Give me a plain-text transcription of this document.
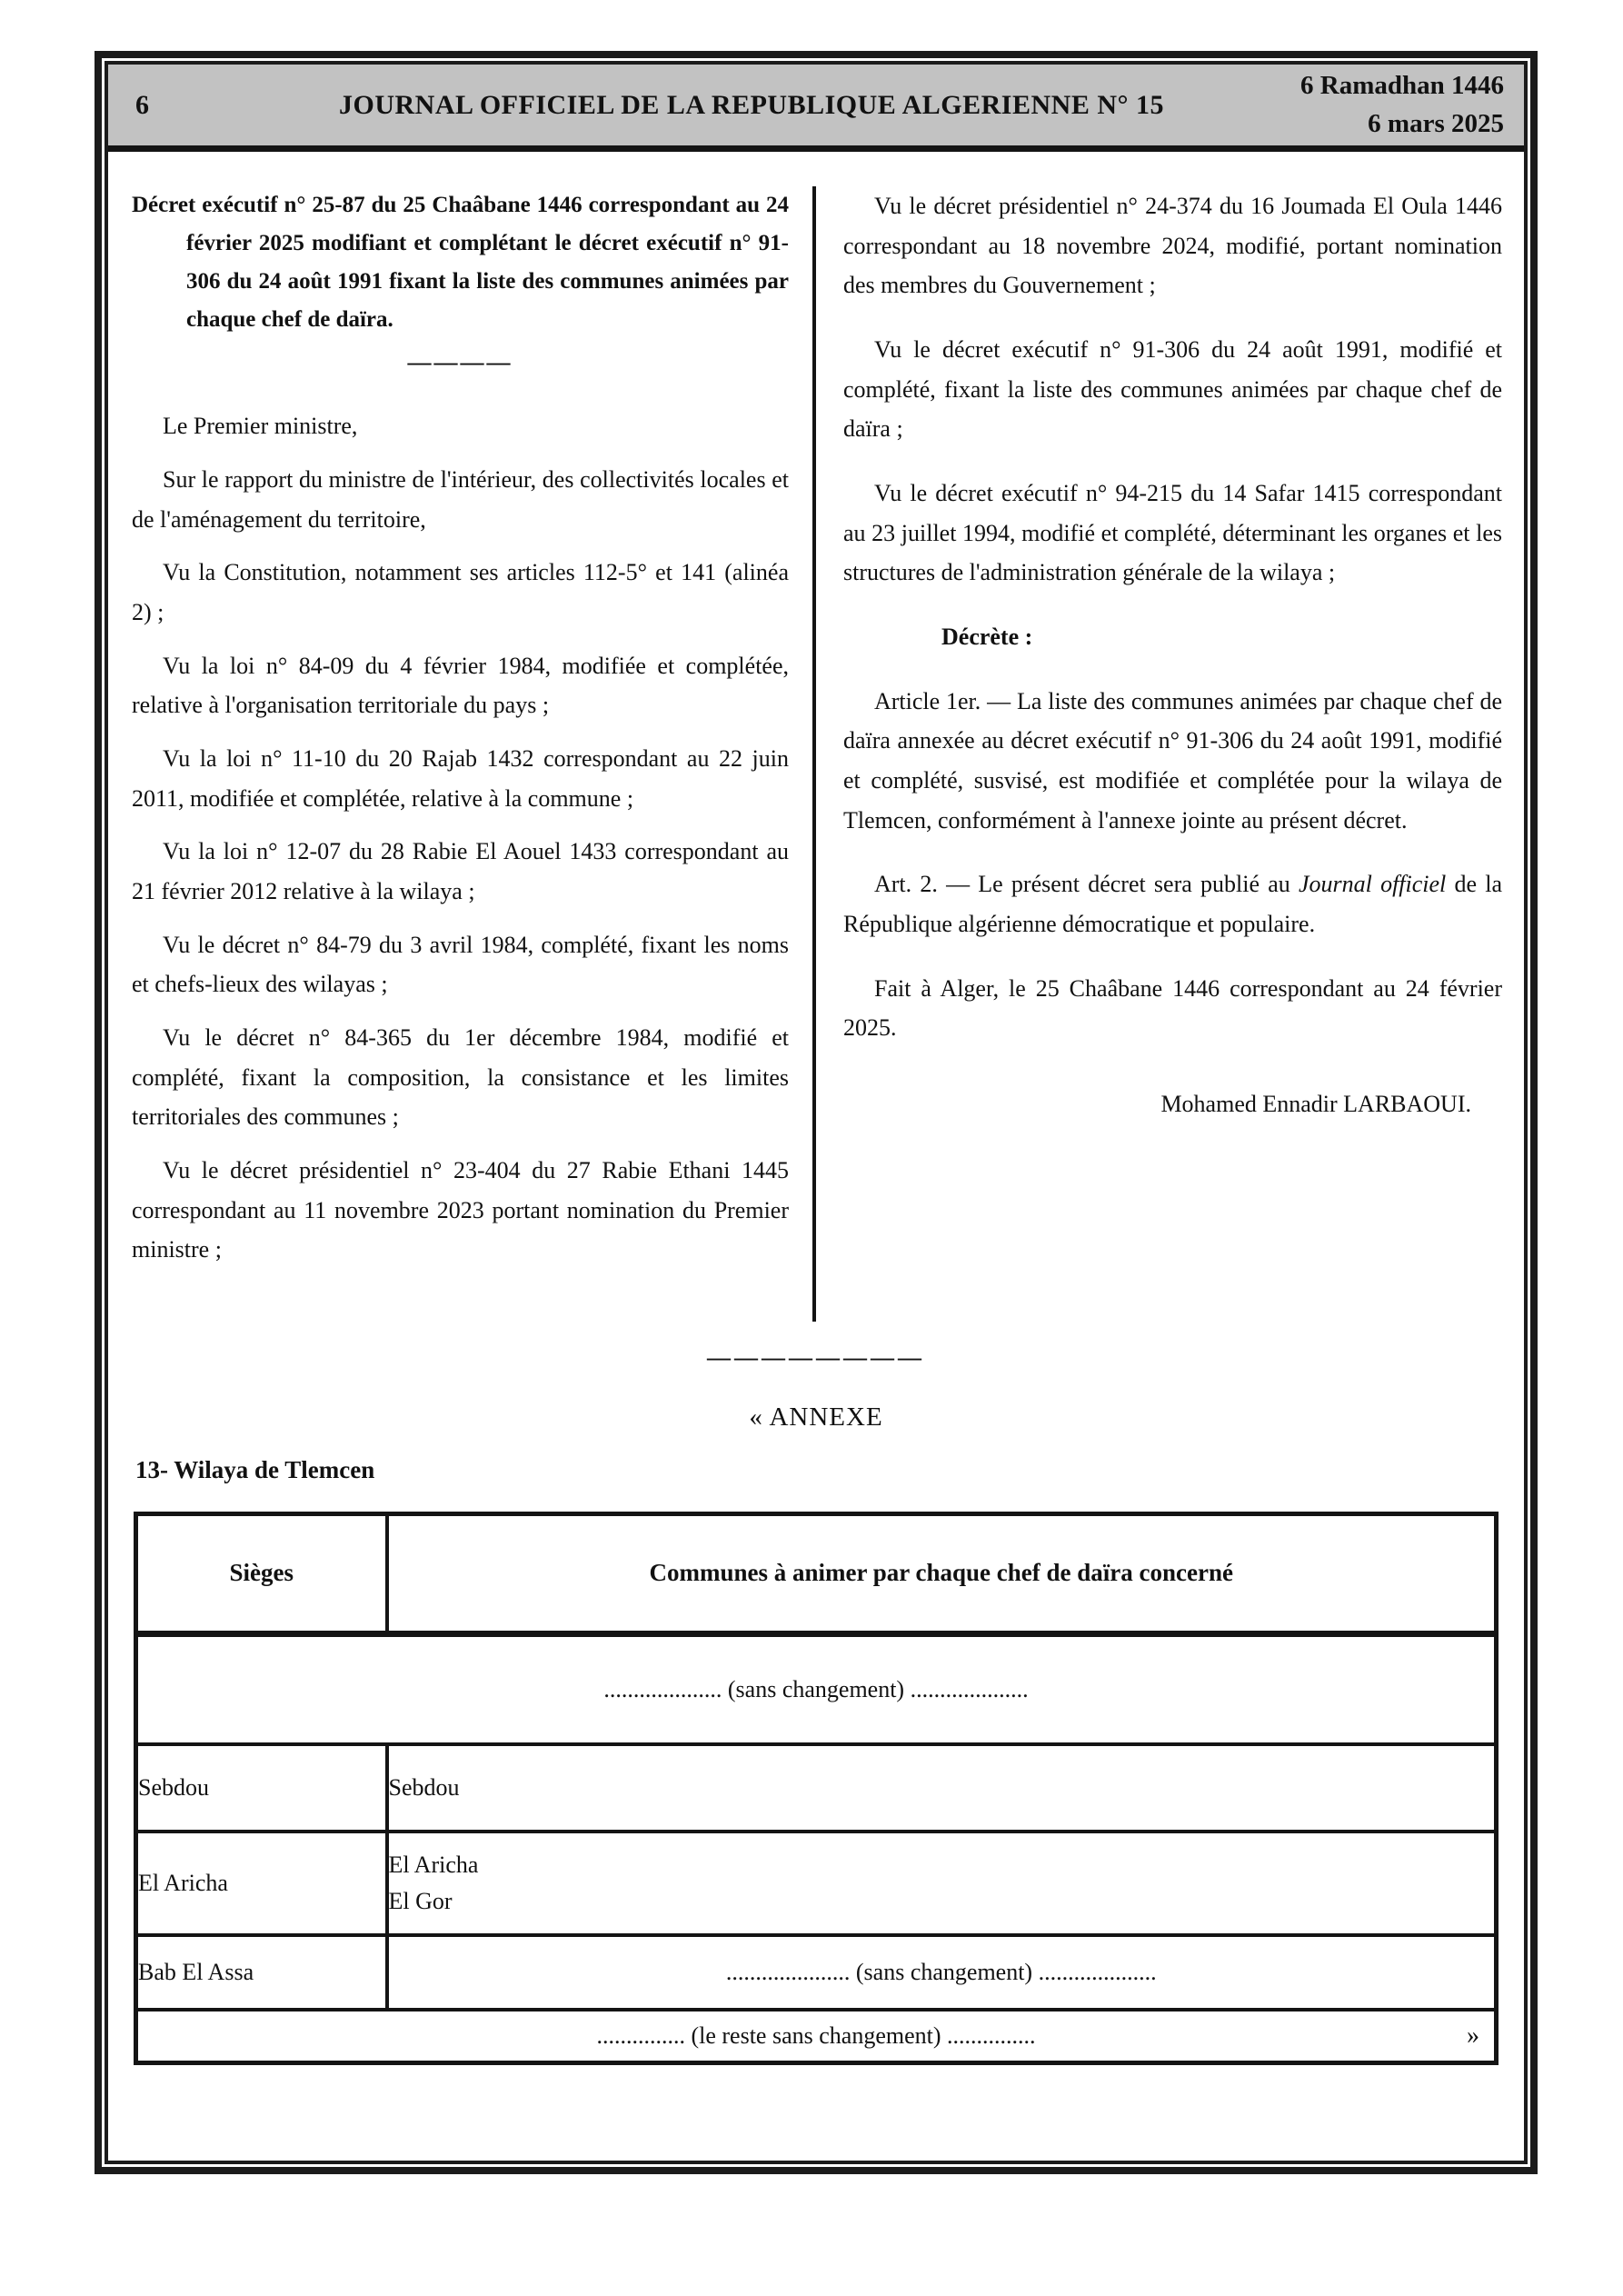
6	JOURNAL OFFICIEL DE LA REPUBLIQUE ALGERIENNE N° 15
6 Ramadhan 1446
6 mars 2025

Décret exécutif n° 25-87 du 25 Chaâbane 1446 correspondant au 24 février 2025 modifiant et complétant le décret exécutif n° 91-306 du 24 août 1991 fixant la liste des communes animées par chaque chef de daïra.

————

Le Premier ministre,

Sur le rapport du ministre de l'intérieur, des collectivités locales et de l'aménagement du territoire,

Vu la Constitution, notamment ses articles 112-5° et 141 (alinéa 2) ;

Vu la loi n° 84-09 du 4 février 1984, modifiée et complétée, relative à l'organisation territoriale du pays ;

Vu la loi n° 11-10 du 20 Rajab 1432 correspondant au 22 juin 2011, modifiée et complétée, relative à la commune ;

Vu la loi n° 12-07 du 28 Rabie El Aouel 1433 correspondant au 21 février 2012 relative à la wilaya ;

Vu le décret n° 84-79 du 3 avril 1984, complété, fixant les noms et chefs-lieux des wilayas ;

Vu le décret n° 84-365 du 1er décembre 1984, modifié et complété, fixant la composition, la consistance et les limites territoriales des communes ;

Vu le décret présidentiel n° 23-404 du 27 Rabie Ethani 1445 correspondant au 11 novembre 2023 portant nomination du Premier ministre ;

Vu le décret présidentiel n° 24-374 du 16 Joumada El Oula 1446 correspondant au 18 novembre 2024, modifié, portant nomination des membres du Gouvernement ;

Vu le décret exécutif n° 91-306 du 24 août 1991, modifié et complété, fixant la liste des communes animées par chaque chef de daïra ;

Vu le décret exécutif n° 94-215 du 14 Safar 1415 correspondant au 23 juillet 1994, modifié et complété, déterminant les organes et les structures de l'administration générale de la wilaya ;

Décrète :

Article 1er. — La liste des communes animées par chaque chef de daïra annexée au décret exécutif n° 91-306 du 24 août 1991, modifié et complété, susvisé, est modifiée et complétée pour la wilaya de Tlemcen, conformément à l'annexe jointe au présent décret.

Art. 2. — Le présent décret sera publié au Journal officiel de la République algérienne démocratique et populaire.

Fait à Alger, le 25 Chaâbane 1446 correspondant au 24 février 2025.

Mohamed Ennadir LARBAOUI.

————————
« ANNEXE
13- Wilaya de Tlemcen
Sièges	Communes à animer par chaque chef de daïra concerné
.................... (sans changement) ....................	
Sebdou	Sebdou

El Aricha	El Aricha
El Gor

Bab El Assa	..................... (sans changement) ....................
............... (le reste sans changement) ............... »	
